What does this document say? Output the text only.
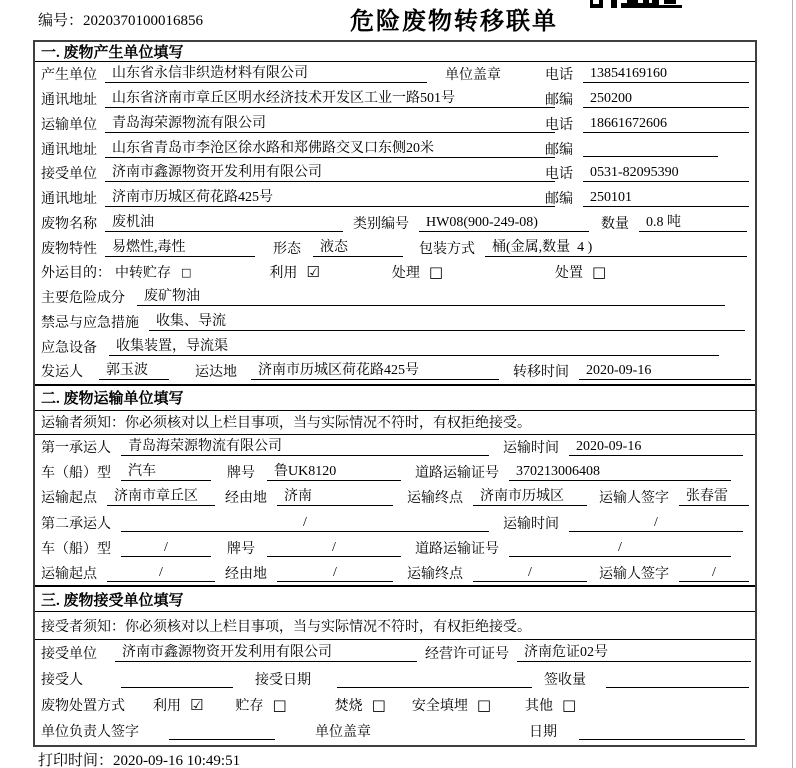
编号：2020370100016856	危险废物转移联单
一. 废物产生单位填写
产生单位	山东省永信非织造材料有限公司	单位盖章	电话	13854169160
通讯地址	山东省济南市章丘区明水经济技术开发区工业一路501号	邮编	250200
运输单位	青岛海荣源物流有限公司	电话	18661672606
通讯地址	山东省青岛市李沧区徐水路和郑佛路交叉口东侧20米	邮编
接受单位	济南市鑫源物资开发利用有限公司	电话	0531-82095390
通讯地址	济南市历城区荷花路425号	邮编	250101
废物名称	废机油	类别编号	HW08(900-249-08)	数量	0.8 吨
废物特性	易燃性,毒性	形态	液态	包装方式	桶(金属,数量  4 )
外运目的： 中转贮存 □	利用 ☑	处理 □	处置 □
主要危险成分	废矿物油
禁忌与应急措施	收集、导流
应急设备	收集装置，导流渠
发运人	郭玉波	运达地	济南市历城区荷花路425号	转移时间	2020-09-16
二. 废物运输单位填写
运输者须知：你必须核对以上栏目事项，当与实际情况不符时，有权拒绝接受。
第一承运人	青岛海荣源物流有限公司	运输时间	2020-09-16
车（船）型	汽车	牌号	鲁UK8120	道路运输证号	370213006408
运输起点	济南市章丘区	经由地	济南	运输终点	济南市历城区	运输人签字	张春雷
第二承运人	/	运输时间	/
车（船）型	/	牌号	/	道路运输证号	/
运输起点	/	经由地	/	运输终点	/	运输人签字	/
三. 废物接受单位填写
接受者须知：你必须核对以上栏目事项，当与实际情况不符时，有权拒绝接受。
接受单位	济南市鑫源物资开发利用有限公司	经营许可证号	济南危证02号
接受人	接受日期	签收量
废物处置方式 利用 ☑ 贮存 □	焚烧 □ 安全填埋 □ 其他 □
单位负责人签字	单位盖章	日期
打印时间：2020-09-16 10:49:51
